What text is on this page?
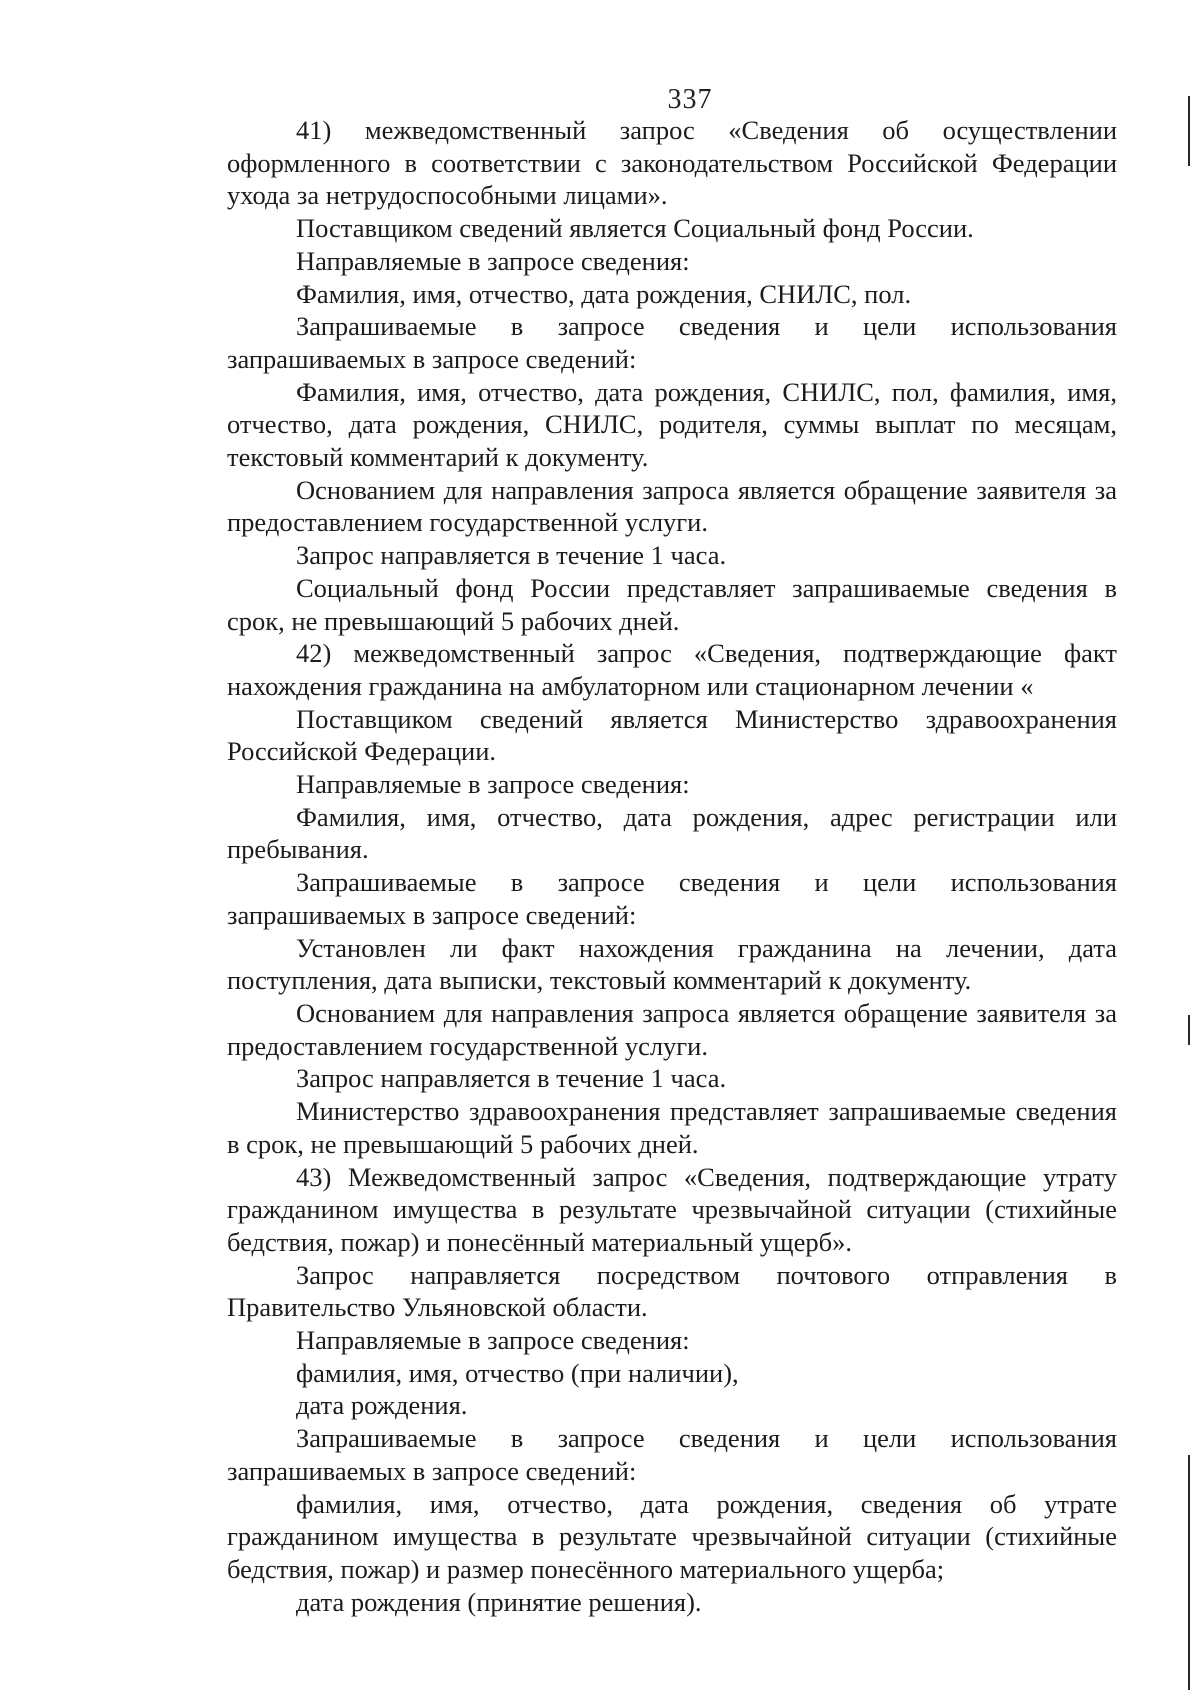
337

41) межведомственный запрос «Сведения об осуществлении оформленного в соответствии с законодательством Российской Федерации ухода за нетрудоспособными лицами».

Поставщиком сведений является Социальный фонд России.

Направляемые в запросе сведения:

Фамилия, имя, отчество, дата рождения, СНИЛС, пол.

Запрашиваемые в запросе сведения и цели использования запрашиваемых в запросе сведений:

Фамилия, имя, отчество, дата рождения, СНИЛС, пол, фамилия, имя, отчество, дата рождения, СНИЛС, родителя, суммы выплат по месяцам, текстовый комментарий к документу.

Основанием для направления запроса является обращение заявителя за предоставлением государственной услуги.

Запрос направляется в течение 1 часа.

Социальный фонд России представляет запрашиваемые сведения в срок, не превышающий 5 рабочих дней.

42) межведомственный запрос «Сведения, подтверждающие факт нахождения гражданина на амбулаторном или стационарном лечении «

Поставщиком сведений является Министерство здравоохранения Российской Федерации.

Направляемые в запросе сведения:

Фамилия, имя, отчество, дата рождения, адрес регистрации или пребывания.

Запрашиваемые в запросе сведения и цели использования запрашиваемых в запросе сведений:

Установлен ли факт нахождения гражданина на лечении, дата поступления, дата выписки, текстовый комментарий к документу.

Основанием для направления запроса является обращение заявителя за предоставлением государственной услуги.

Запрос направляется в течение 1 часа.

Министерство здравоохранения представляет запрашиваемые сведения в срок, не превышающий 5 рабочих дней.

43) Межведомственный запрос «Сведения, подтверждающие утрату гражданином имущества в результате чрезвычайной ситуации (стихийные бедствия, пожар) и понесённый материальный ущерб».

Запрос направляется посредством почтового отправления в Правительство Ульяновской области.

Направляемые в запросе сведения:

фамилия, имя, отчество (при наличии),

дата рождения.

Запрашиваемые в запросе сведения и цели использования запрашиваемых в запросе сведений:

фамилия, имя, отчество, дата рождения, сведения об утрате гражданином имущества в результате чрезвычайной ситуации (стихийные бедствия, пожар) и размер понесённого материального ущерба;

дата рождения (принятие решения).
